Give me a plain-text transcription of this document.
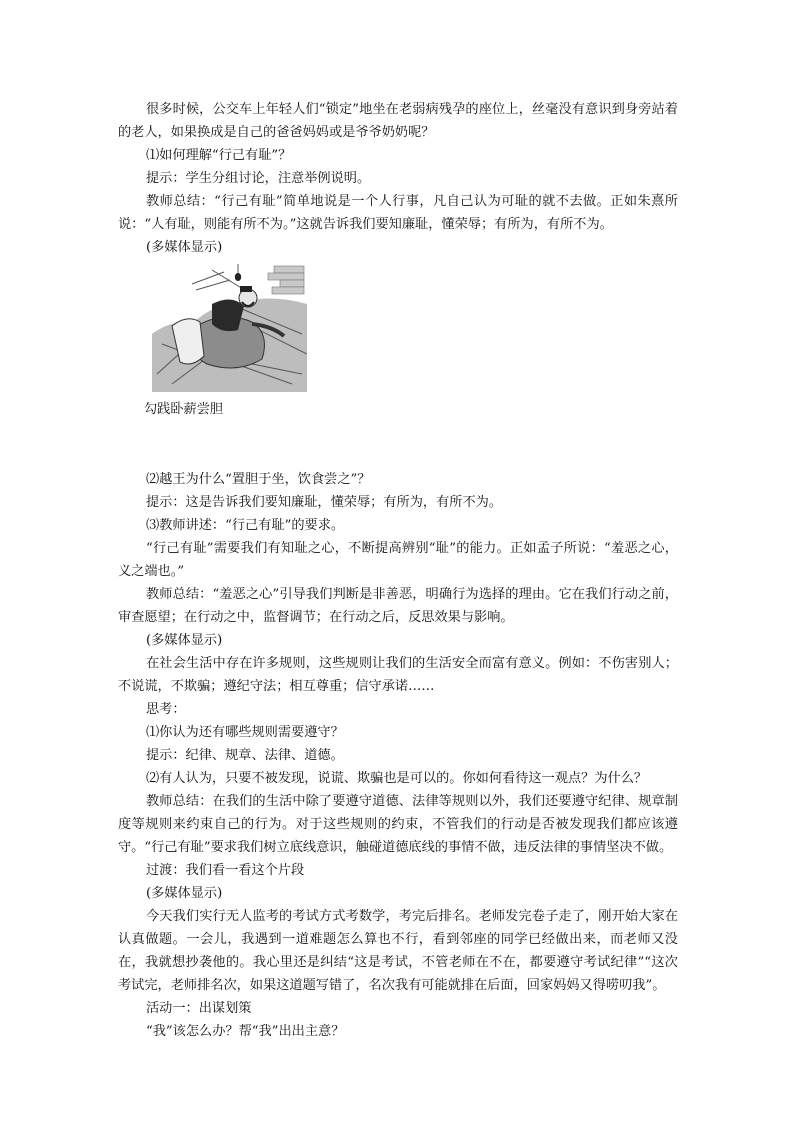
很多时候，公交车上年轻人们“锁定”地坐在老弱病残孕的座位上，丝毫没有意识到身旁站着的老人，如果换成是自己的爸爸妈妈或是爷爷奶奶呢？

⑴如何理解“行己有耻”？

提示：学生分组讨论，注意举例说明。

教师总结：“行己有耻”简单地说是一个人行事，凡自己认为可耻的就不去做。正如朱熹所说：“人有耻，则能有所不为。”这就告诉我们要知廉耻，懂荣辱；有所为，有所不为。

(多媒体显示)

勾践卧薪尝胆

⑵越王为什么“置胆于坐，饮食尝之”？

提示：这是告诉我们要知廉耻，懂荣辱；有所为，有所不为。

⑶教师讲述：“行己有耻”的要求。

“行己有耻”需要我们有知耻之心，不断提高辨别“耻”的能力。正如孟子所说：“羞恶之心，义之端也。”

教师总结：“羞恶之心”引导我们判断是非善恶，明确行为选择的理由。它在我们行动之前，审查愿望；在行动之中，监督调节；在行动之后，反思效果与影响。

(多媒体显示)

在社会生活中存在许多规则，这些规则让我们的生活安全而富有意义。例如：不伤害别人；不说谎，不欺骗；遵纪守法；相互尊重；信守承诺……

思考：

⑴你认为还有哪些规则需要遵守？

提示：纪律、规章、法律、道德。

⑵有人认为，只要不被发现，说谎、欺骗也是可以的。你如何看待这一观点？为什么？

教师总结：在我们的生活中除了要遵守道德、法律等规则以外，我们还要遵守纪律、规章制度等规则来约束自己的行为。对于这些规则的约束，不管我们的行动是否被发现我们都应该遵守。“行己有耻”要求我们树立底线意识，触碰道德底线的事情不做，违反法律的事情坚决不做。

过渡：我们看一看这个片段

(多媒体显示)

今天我们实行无人监考的考试方式考数学，考完后排名。老师发完卷子走了，刚开始大家在认真做题。一会儿，我遇到一道难题怎么算也不行，看到邻座的同学已经做出来，而老师又没在，我就想抄袭他的。我心里还是纠结“这是考试，不管老师在不在，都要遵守考试纪律”“这次考试完，老师排名次，如果这道题写错了，名次我有可能就排在后面，回家妈妈又得唠叨我”。

活动一：出谋划策

“我”该怎么办？帮“我”出出主意？
